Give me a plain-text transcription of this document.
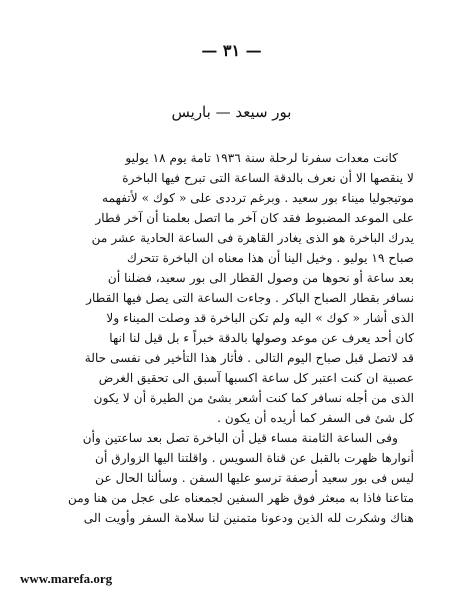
— ٣١ —
بور سيعد — باريس
كانت معدات سفرنا لرحلة سنة ١٩٣٦ تامة يوم ١٨ يوليو
لا ينقصها الا أن نعرف بالدقة الساعة التى تبرح فيها الباخرة
موتيجوليا ميناء بور سعيد . وبرغم ترددى على « كوك » لأتفهمه
على الموعد المضبوط فقد كان آخر ما اتصل بعلمنا أن آخر قطار
يدرك الباخرة هو الذى يغادر القاهرة فى الساعة الحادية عشر من
صباح ١٩ يوليو . وخيل الينا أن هذا معناه ان الباخرة تتحرك
بعد ساعة أو نحوها من وصول القطار الى بور سعيد، فضلنا أن
نسافر بقطار الصباح الباكر . وجاءت الساعة التى يصل فيها القطار
الذى أشار « كوك » اليه ولم تكن الباخرة قد وصلت الميناء ولا
كان أحد يعرف عن موعد وصولها بالدقة خبراً ء بل قيل لنا انها
قد لاتصل قبل صباح اليوم التالى . فأثار هذا التأخير فى نفسى حالة
عصبية ان كنت اعتبر كل ساعة اكسبها آسبق الى تحقيق الغرض
الذى من أجله نسافر كما كنت أشعر بشئ من الطيرة أن لا يكون
كل شئ فى السفر كما أريده أن يكون .
وفى الساعة الثامنة مساء قيل أن الباخرة تصل بعد ساعتين وأن
أنوارها ظهرت بالقبل عن قناة السويس . واقلتنا اليها الزوارق أن
ليس فى بور سعيد أرصفة ترسو عليها السفن . وسألنا الحال عن
متاعنا فاذا به مبعثر فوق ظهر السفين لجمعناه على عجل من هنا ومن
هناك وشكرت لله الذين ودعونا متمنين لنا سلامة السفر وأويت الى
www.marefa.org
